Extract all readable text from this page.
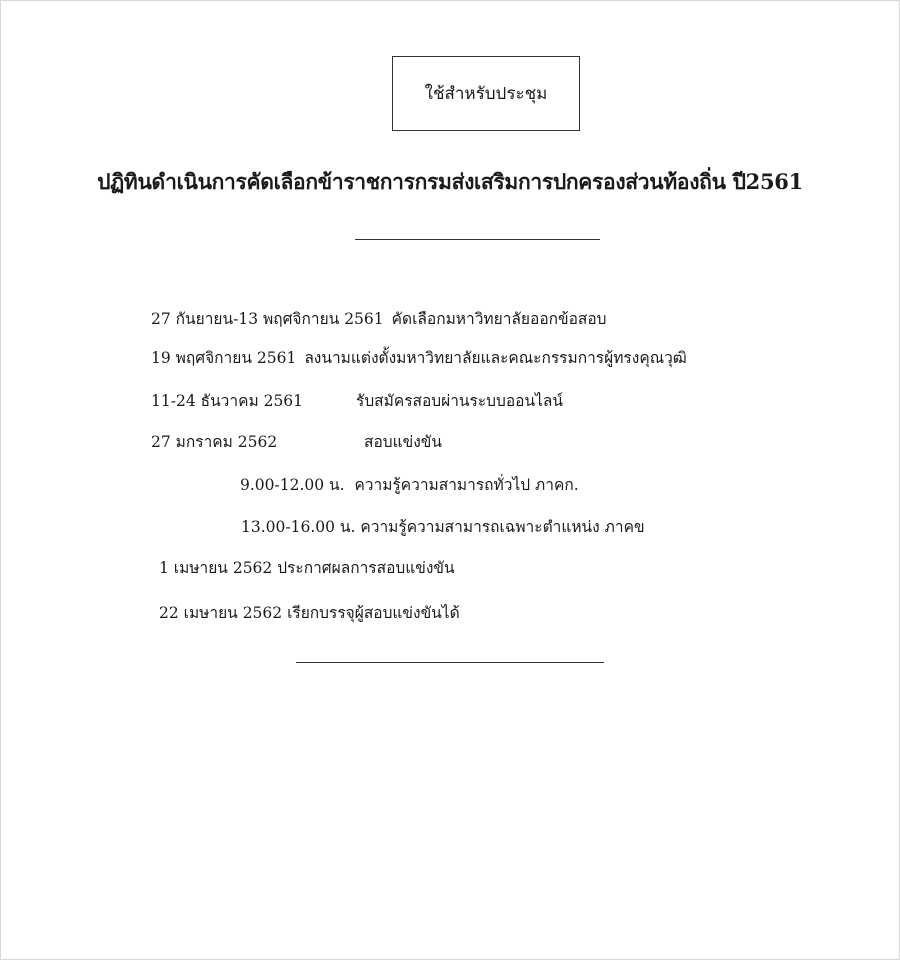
ใช้สำหรับประชุม
ปฏิทินดำเนินการคัดเลือกข้าราชการกรมส่งเสริมการปกครองส่วนท้องถิ่น ปี2561
27 กันยายน-13 พฤศจิกายน 2561 คัดเลือกมหาวิทยาลัยออกข้อสอบ
19 พฤศจิกายน 2561 ลงนามแต่งตั้งมหาวิทยาลัยและคณะกรรมการผู้ทรงคุณวุฒิ
11-24 ธันวาคม 2561	รับสมัครสอบผ่านระบบออนไลน์
27 มกราคม 2562	สอบแข่งขัน
9.00-12.00 น. ความรู้ความสามารถทั่วไป ภาคก.
13.00-16.00 น. ความรู้ความสามารถเฉพาะตำแหน่ง ภาคข
1 เมษายน 2562 ประกาศผลการสอบแข่งขัน
22 เมษายน 2562 เรียกบรรจุผู้สอบแข่งขันได้
